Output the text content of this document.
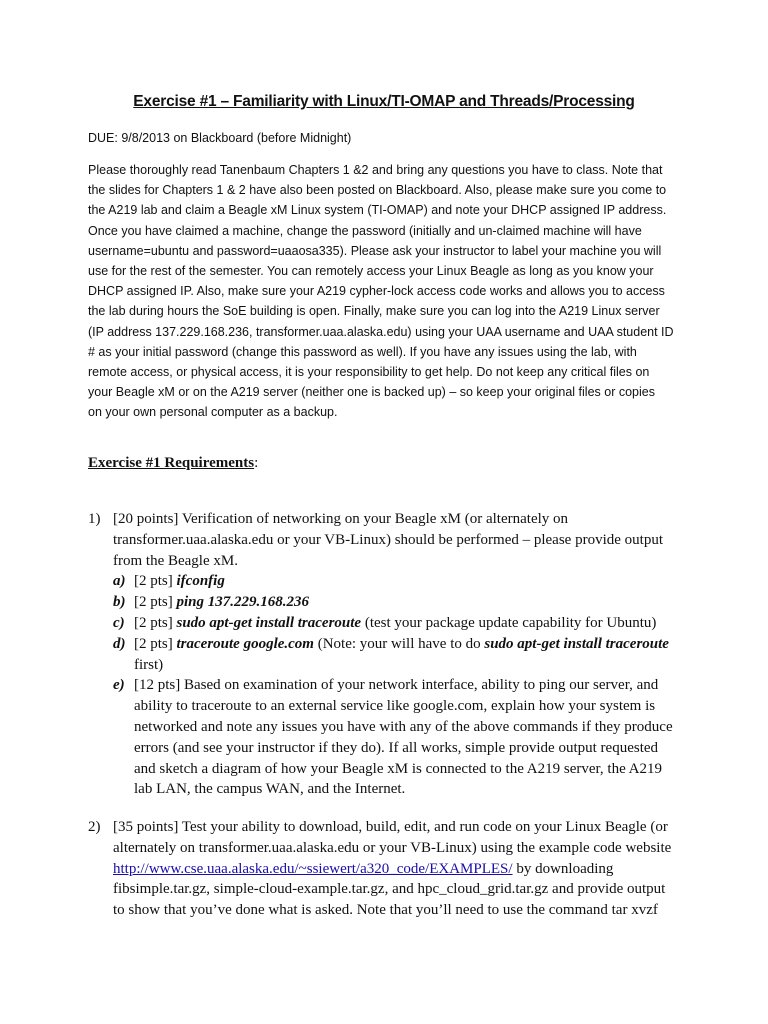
Exercise #1 – Familiarity with Linux/TI-OMAP and Threads/Processing
DUE: 9/8/2013 on Blackboard (before Midnight)
Please thoroughly read Tanenbaum Chapters 1 &2 and bring any questions you have to class. Note that
the slides for Chapters 1 & 2 have also been posted on Blackboard. Also, please make sure you come to
the A219 lab and claim a Beagle xM Linux system (TI-OMAP) and note your DHCP assigned IP address.
Once you have claimed a machine, change the password (initially and un-claimed machine will have
username=ubuntu and password=uaaosa335). Please ask your instructor to label your machine you will
use for the rest of the semester. You can remotely access your Linux Beagle as long as you know your
DHCP assigned IP. Also, make sure your A219 cypher-lock access code works and allows you to access
the lab during hours the SoE building is open. Finally, make sure you can log into the A219 Linux server
(IP address 137.229.168.236, transformer.uaa.alaska.edu) using your UAA username and UAA student ID
# as your initial password (change this password as well). If you have any issues using the lab, with
remote access, or physical access, it is your responsibility to get help. Do not keep any critical files on
your Beagle xM or on the A219 server (neither one is backed up) – so keep your original files or copies
on your own personal computer as a backup.
Exercise #1 Requirements:
1) [20 points] Verification of networking on your Beagle xM (or alternately on
transformer.uaa.alaska.edu or your VB-Linux) should be performed – please provide output
from the Beagle xM.
a) [2 pts] ifconfig
b) [2 pts] ping 137.229.168.236
c) [2 pts] sudo apt-get install traceroute (test your package update capability for Ubuntu)
d) [2 pts] traceroute google.com (Note: your will have to do sudo apt-get install traceroute
first)
e) [12 pts] Based on examination of your network interface, ability to ping our server, and
ability to traceroute to an external service like google.com, explain how your system is
networked and note any issues you have with any of the above commands if they produce
errors (and see your instructor if they do). If all works, simple provide output requested
and sketch a diagram of how your Beagle xM is connected to the A219 server, the A219
lab LAN, the campus WAN, and the Internet.
2) [35 points] Test your ability to download, build, edit, and run code on your Linux Beagle (or
alternately on transformer.uaa.alaska.edu or your VB-Linux) using the example code website
http://www.cse.uaa.alaska.edu/~ssiewert/a320_code/EXAMPLES/ by downloading
fibsimple.tar.gz, simple-cloud-example.tar.gz, and hpc_cloud_grid.tar.gz and provide output
to show that you’ve done what is asked. Note that you’ll need to use the command tar xvzf
